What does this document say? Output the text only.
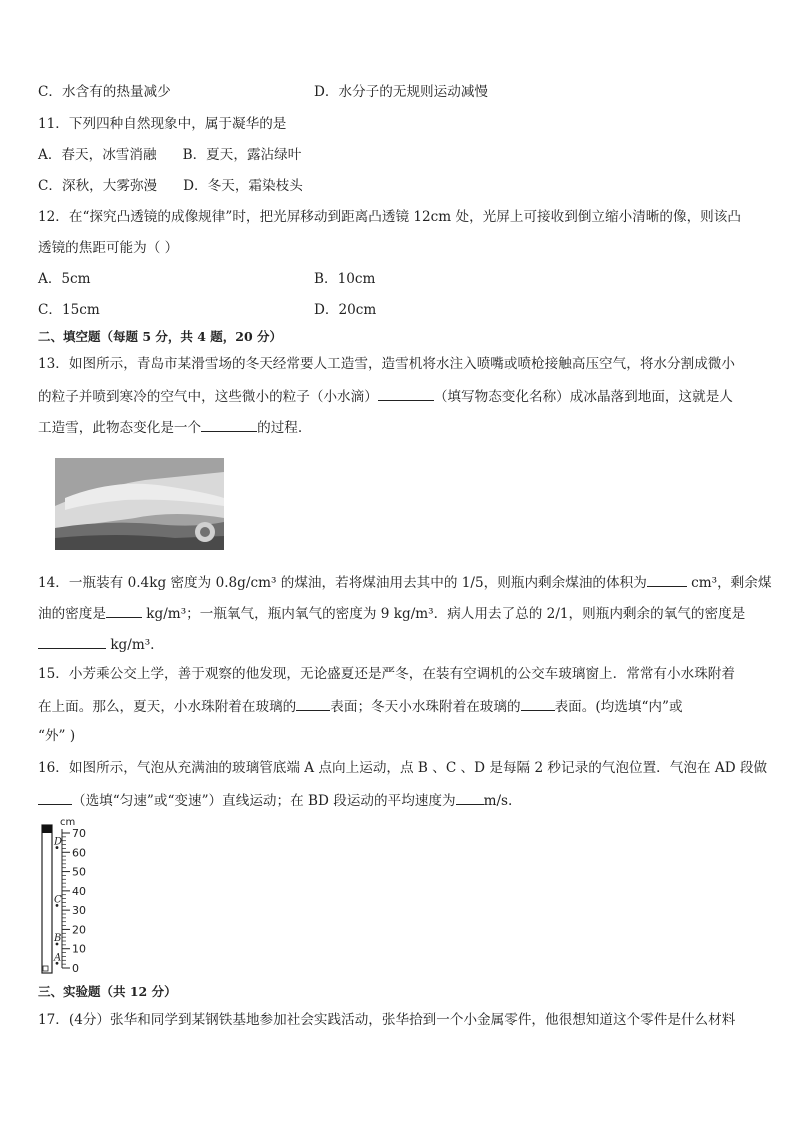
C．水含有的热量减少	D．水分子的无规则运动减慢
11．下列四种自然现象中，属于凝华的是
A．春天，冰雪消融 B．夏天，露沾绿叶
C．深秋，大雾弥漫 D．冬天，霜染枝头
12．在“探究凸透镜的成像规律”时，把光屏移动到距离凸透镜 12cm 处，光屏上可接收到倒立缩小清晰的像，则该凸
透镜的焦距可能为（ ）
A．5cm	B．10cm
C．15cm	D．20cm
二、填空题（每题 5 分，共 4 题，20 分）
13．如图所示，青岛市某滑雪场的冬天经常要人工造雪，造雪机将水注入喷嘴或喷枪接触高压空气，将水分割成微小
的粒子并喷到寒冷的空气中，这些微小的粒子（小水滴）	（填写物态变化名称）成冰晶落到地面，这就是人
工造雪，此物态变化是一个	的过程.
14．一瓶装有 0.4kg 密度为 0.8g/cm³ 的煤油，若将煤油用去其中的 1/5，则瓶内剩余煤油的体积为	cm³，剩余煤
油的密度是	kg/m³；一瓶氧气，瓶内氧气的密度为 9 kg/m³．病人用去了总的 2/1，则瓶内剩余的氧气的密度是
kg/m³.
15．小芳乘公交上学，善于观察的他发现，无论盛夏还是严冬，在装有空调机的公交车玻璃窗上．常常有小水珠附着
在上面。那么，夏天，小水珠附着在玻璃的	表面；冬天小水珠附着在玻璃的	表面。(均选填“内”或
“外” )
16．如图所示，气泡从充满油的玻璃管底端 A 点向上运动，点 B 、C 、D 是每隔 2 秒记录的气泡位置．气泡在 AD 段做
（选填“匀速”或“变速”）直线运动；在 BD 段运动的平均速度为 m/s.
cm
70
60
50
40
30
20
10
0
D
C
B
A
三、实验题（共 12 分）
17．(4分）张华和同学到某钢铁基地参加社会实践活动，张华拾到一个小金属零件，他很想知道这个零件是什么材料
